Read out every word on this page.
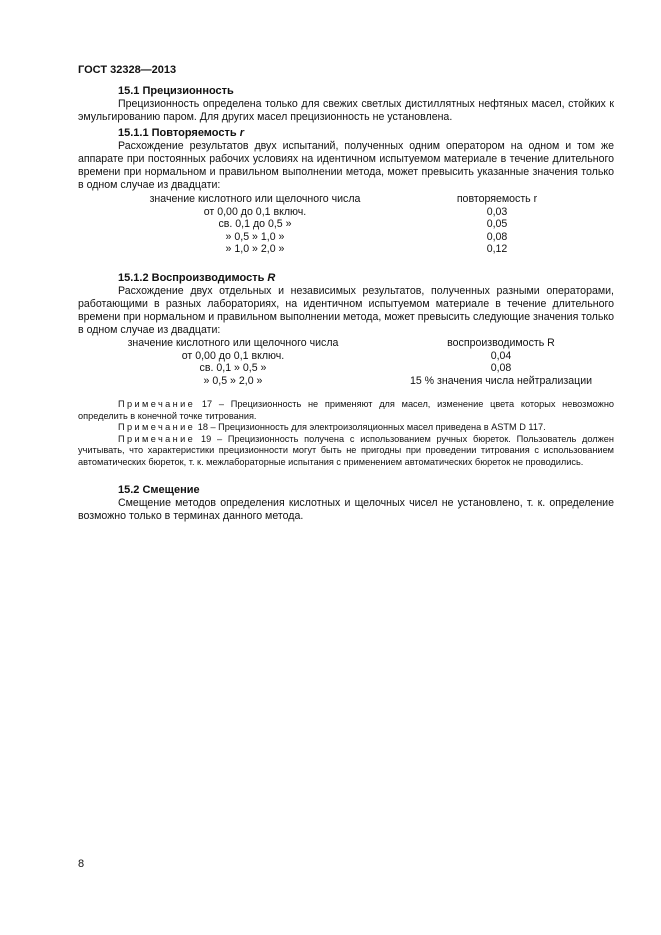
ГОСТ 32328—2013
15.1 Прецизионность

Прецизионность определена только для свежих светлых дистиллятных нефтяных масел, стойких к эмульгированию паром. Для других масел прецизионность не установлена.

15.1.1 Повторяемость r

Расхождение результатов двух испытаний, полученных одним оператором на одном и том же аппарате при постоянных рабочих условиях на идентичном испытуемом материале в течение длительного времени при нормальном и правильном выполнении метода, может превысить указанные значения только в одном случае из двадцати:

значение кислотного или щелочного числа	повторяемость r
от 0,00 до 0,1 включ.	0,03
св. 0,1 до 0,5 »	0,05
» 0,5 » 1,0 »	0,08
» 1,0 » 2,0 »	0,12
15.1.2 Воспроизводимость R

Расхождение двух отдельных и независимых результатов, полученных разными операторами, работающими в разных лабораториях, на идентичном испытуемом материале в течение длительного времени при нормальном и правильном выполнении метода, может превысить следующие значения только в одном случае из двадцати:

значение кислотного или щелочного числа	воспроизводимость R
от 0,00 до 0,1 включ.	0,04
св. 0,1 » 0,5 »	0,08
» 0,5 » 2,0 »	15 % значения числа нейтрализации

Примечание 17 – Прецизионность не применяют для масел, изменение цвета которых невозможно определить в конечной точке титрования.

Примечание 18 – Прецизионность для электроизоляционных масел приведена в ASTM D 117.

Примечание 19 – Прецизионность получена с использованием ручных бюреток. Пользователь должен учитывать, что характеристики прецизионности могут быть не пригодны при проведении титрования с использованием автоматических бюреток, т. к. межлабораторные испытания с применением автоматических бюреток не проводились.

15.2 Смещение

Смещение методов определения кислотных и щелочных чисел не установлено, т. к. определение возможно только в терминах данного метода.

8
